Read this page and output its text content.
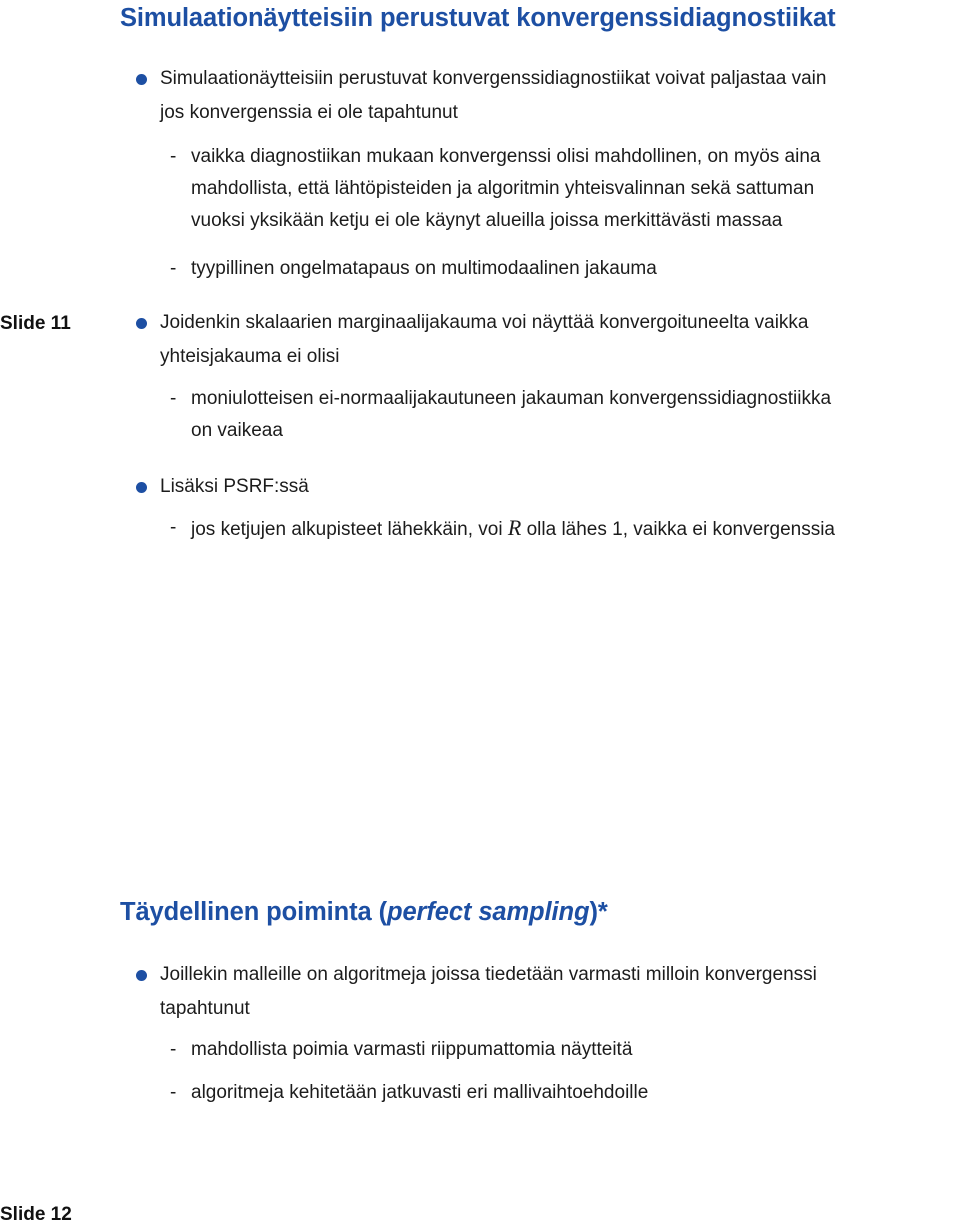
Simulaationäytteisiin perustuvat konvergenssidiagnostiikat
Simulaationäytteisiin perustuvat konvergenssidiagnostiikat voivat paljastaa vain
jos konvergenssia ei ole tapahtunut
- vaikka diagnostiikan mukaan konvergenssi olisi mahdollinen, on myös aina
mahdollista, että lähtöpisteiden ja algoritmin yhteisvalinnan sekä sattuman
vuoksi yksikään ketju ei ole käynyt alueilla joissa merkittävästi massaa
- tyypillinen ongelmatapaus on multimodaalinen jakauma
Slide 11	Joidenkin skalaarien marginaalijakauma voi näyttää konvergoituneelta vaikka
yhteisjakauma ei olisi
- moniulotteisen ei-normaalijakautuneen jakauman konvergenssidiagnostiikka
on vaikeaa
Lisäksi PSRF:ssä
- jos ketjujen alkupisteet lähekkäin, voi R olla lähes 1, vaikka ei konvergenssia
Täydellinen poiminta (perfect sampling)*
Joillekin malleille on algoritmeja joissa tiedetään varmasti milloin konvergenssi
tapahtunut
- mahdollista poimia varmasti riippumattomia näytteitä
- algoritmeja kehitetään jatkuvasti eri mallivaihtoehdoille
Slide 12
